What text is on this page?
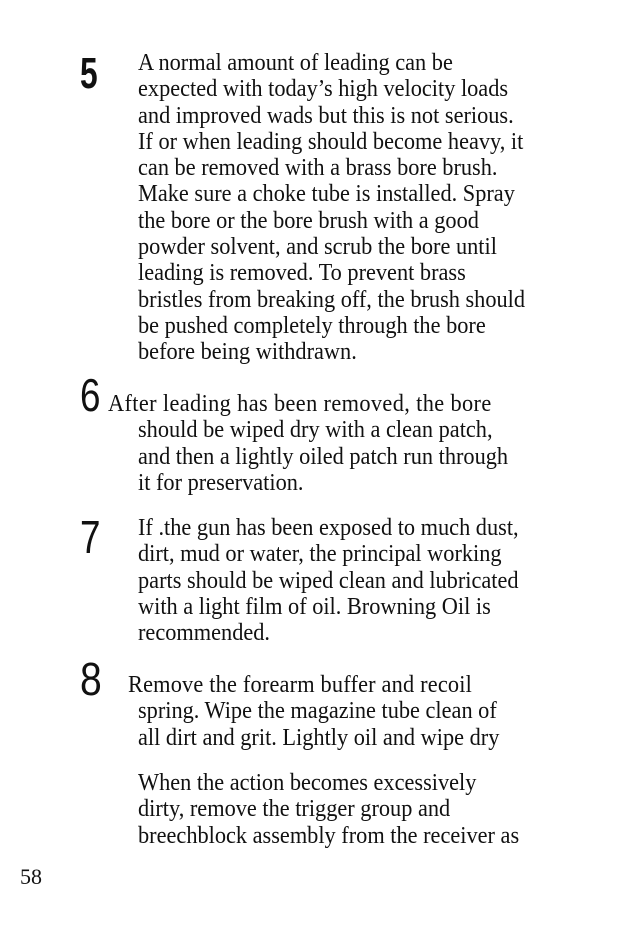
5 A normal amount of leading can be
expected with today’s high velocity loads
and improved wads but this is not serious.
If or when leading should become heavy, it
can be removed with a brass bore brush.
Make sure a choke tube is installed. Spray
the bore or the bore brush with a good
powder solvent, and scrub the bore until
leading is removed. To prevent brass
bristles from breaking off, the brush should
be pushed completely through the bore
before being withdrawn.
6 After leading has been removed, the bore
should be wiped dry with a clean patch,
and then a lightly oiled patch run through
it for preservation.
7 If .the gun has been exposed to much dust,
dirt, mud or water, the principal working
parts should be wiped clean and lubricated
with a light film of oil. Browning Oil is
recommended.
8 Remove the forearm buffer and recoil
spring. Wipe the magazine tube clean of
all dirt and grit. Lightly oil and wipe dry
When the action becomes excessively
dirty, remove the trigger group and
breechblock assembly from the receiver as
58
